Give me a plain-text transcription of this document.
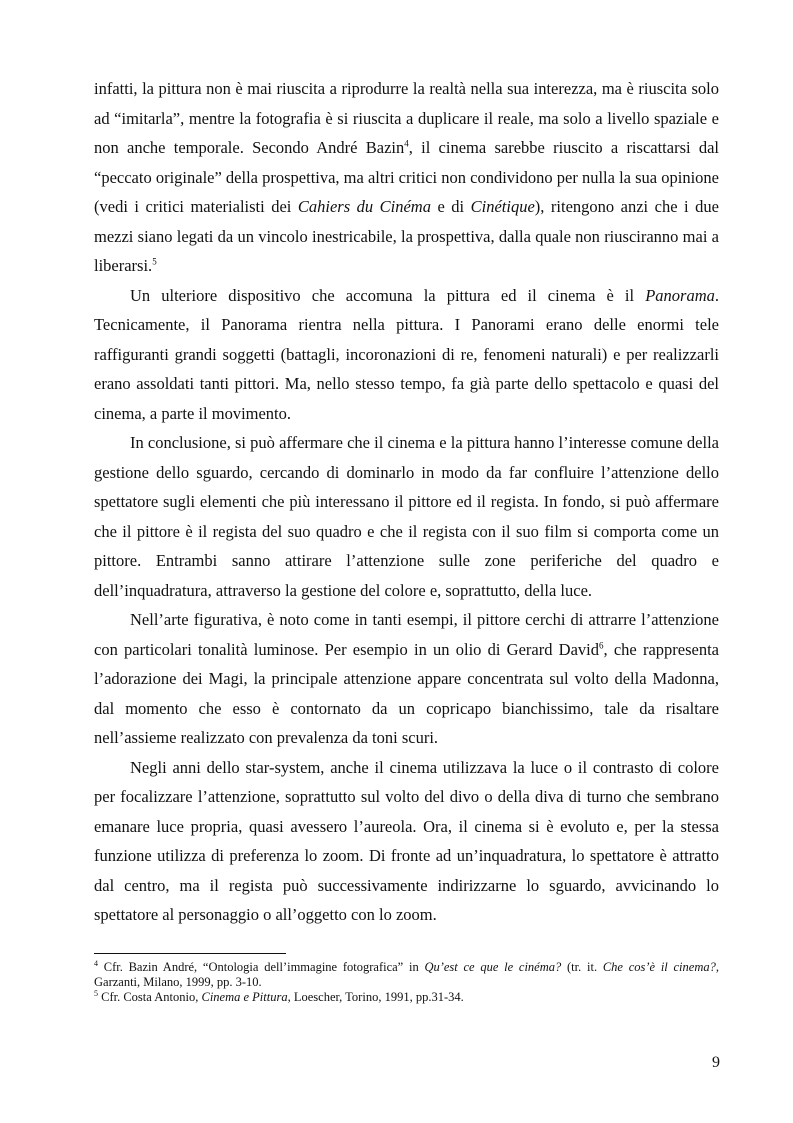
infatti, la pittura non è mai riuscita a riprodurre la realtà nella sua interezza, ma è riuscita solo ad “imitarla”, mentre la fotografia è si riuscita a duplicare il reale, ma solo a livello spaziale e non anche temporale. Secondo André Bazin$^4$, il cinema sarebbe riuscito a riscattarsi dal “peccato originale” della prospettiva, ma altri critici non condividono per nulla la sua opinione (vedi i critici materialisti dei Cahiers du Cinéma e di Cinétique), ritengono anzi che i due mezzi siano legati da un vincolo inestricabile, la prospettiva, dalla quale non riusciranno mai a liberarsi.$^5$

Un ulteriore dispositivo che accomuna la pittura ed il cinema è il Panorama. Tecnicamente, il Panorama rientra nella pittura. I Panorami erano delle enormi tele raffiguranti grandi soggetti (battagli, incoronazioni di re, fenomeni naturali) e per realizzarli erano assoldati tanti pittori. Ma, nello stesso tempo, fa già parte dello spettacolo e quasi del cinema, a parte il movimento.

In conclusione, si può affermare che il cinema e la pittura hanno l’interesse comune della gestione dello sguardo, cercando di dominarlo in modo da far confluire l’attenzione dello spettatore sugli elementi che più interessano il pittore ed il regista. In fondo, si può affermare che il pittore è il regista del suo quadro e che il regista con il suo film si comporta come un pittore. Entrambi sanno attirare l’attenzione sulle zone periferiche del quadro e dell’inquadratura, attraverso la gestione del colore e, soprattutto, della luce.

Nell’arte figurativa, è noto come in tanti esempi, il pittore cerchi di attrarre l’attenzione con particolari tonalità luminose. Per esempio in un olio di Gerard David$^6$, che rappresenta l’adorazione dei Magi, la principale attenzione appare concentrata sul volto della Madonna, dal momento che esso è contornato da un copricapo bianchissimo, tale da risaltare nell’assieme realizzato con prevalenza da toni scuri.

Negli anni dello star-system, anche il cinema utilizzava la luce o il contrasto di colore per focalizzare l’attenzione, soprattutto sul volto del divo o della diva di turno che sembrano emanare luce propria, quasi avessero l’aureola. Ora, il cinema si è evoluto e, per la stessa funzione utilizza di preferenza lo zoom. Di fronte ad un’inquadratura, lo spettatore è attratto dal centro, ma il regista può successivamente indirizzarne lo sguardo, avvicinando lo spettatore al personaggio o all’oggetto con lo zoom.

$^4$ Cfr. Bazin André, “Ontologia dell’immagine fotografica” in Qu’est ce que le cinéma? (tr. it. Che cos’è il cinema?, Garzanti, Milano, 1999, pp. 3-10.

$^5$ Cfr. Costa Antonio, Cinema e Pittura, Loescher, Torino, 1991, pp.31-34.

9
